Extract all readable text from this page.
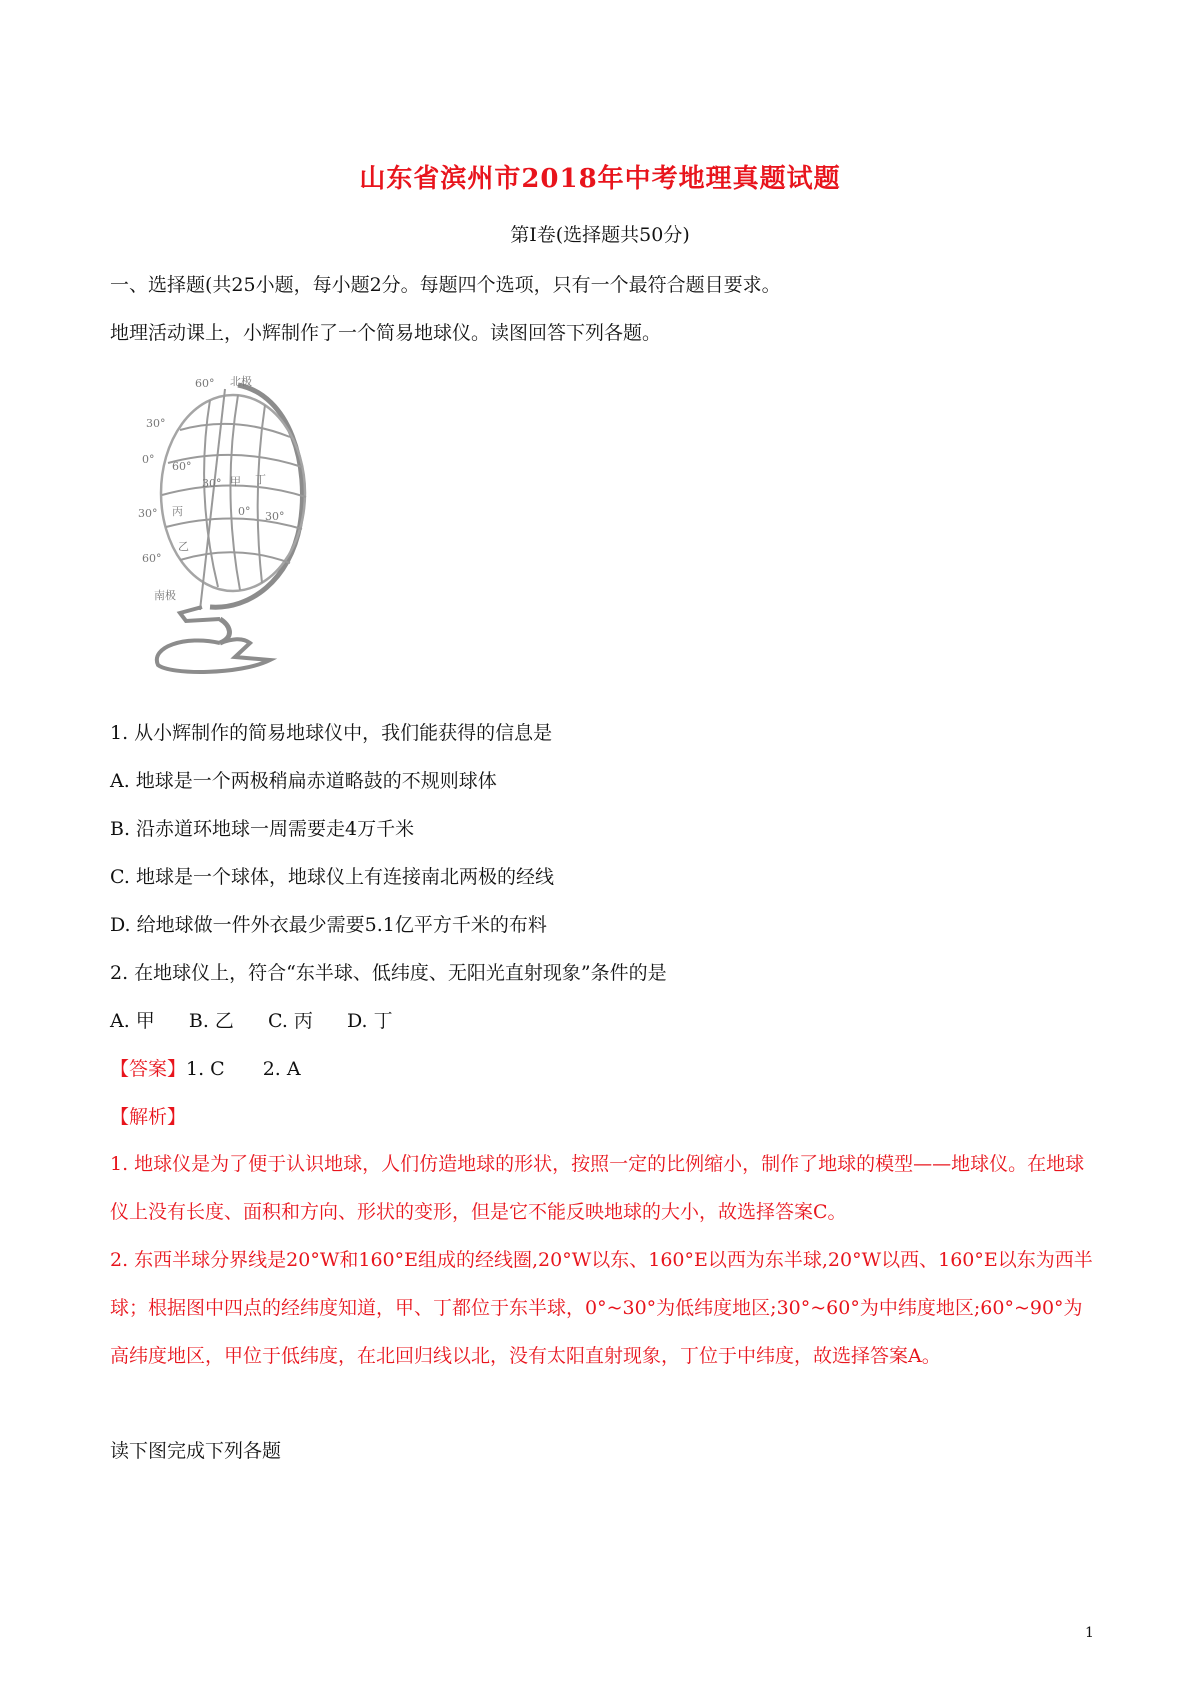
山东省滨州市2018年中考地理真题试题
第Ⅰ卷(选择题共50分)
一、选择题(共25小题，每小题2分。每题四个选项，只有一个最符合题目要求。
地理活动课上，小辉制作了一个简易地球仪。读图回答下列各题。
60° 北极
30°
0°
60°
30° 甲 丁
丙	0°
30°	30°
乙
60°
南极
1. 从小辉制作的简易地球仪中，我们能获得的信息是
A. 地球是一个两极稍扁赤道略鼓的不规则球体
B. 沿赤道环地球一周需要走4万千米
C. 地球是一个球体，地球仪上有连接南北两极的经线
D. 给地球做一件外衣最少需要5.1亿平方千米的布料
2. 在地球仪上，符合“东半球、低纬度、无阳光直射现象”条件的是
A. 甲 B. 乙 C. 丙 D. 丁
【答案】1. C　　2. A
【解析】
1. 地球仪是为了便于认识地球，人们仿造地球的形状，按照一定的比例缩小，制作了地球的模型——地球仪。在地球仪上没有长度、面积和方向、形状的变形，但是它不能反映地球的大小，故选择答案C。
2. 东西半球分界线是20°W和160°E组成的经线圈,20°W以东、160°E以西为东半球,20°W以西、160°E以东为西半球；根据图中四点的经纬度知道，甲、丁都位于东半球，0°~30°为低纬度地区;30°~60°为中纬度地区;60°~90°为高纬度地区，甲位于低纬度，在北回归线以北，没有太阳直射现象，丁位于中纬度，故选择答案A。
读下图完成下列各题
1
